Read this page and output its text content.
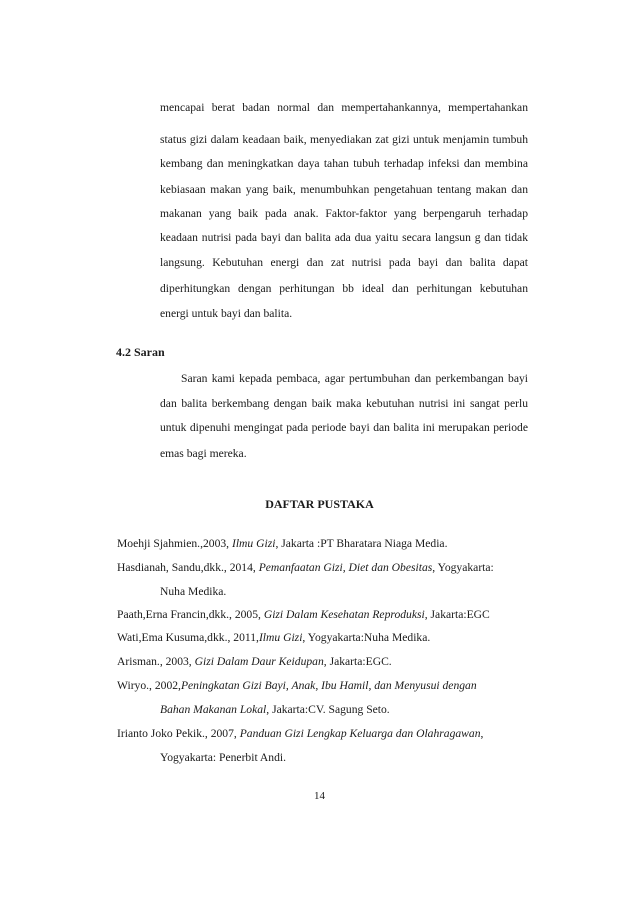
mencapai berat badan normal dan mempertahankannya, mempertahankan
status gizi dalam keadaan baik, menyediakan zat gizi untuk menjamin tumbuh
kembang dan meningkatkan daya tahan tubuh terhadap infeksi dan membina
kebiasaan makan yang baik, menumbuhkan pengetahuan tentang makan dan
makanan yang baik pada anak. Faktor-faktor yang berpengaruh terhadap
keadaan nutrisi pada bayi dan balita ada dua yaitu secara langsun g dan tidak
langsung. Kebutuhan energi dan zat nutrisi pada bayi dan balita dapat
diperhitungkan dengan perhitungan bb ideal dan perhitungan kebutuhan
energi untuk bayi dan balita.
4.2 Saran
Saran kami kepada pembaca, agar pertumbuhan dan perkembangan bayi
dan balita berkembang dengan baik maka kebutuhan nutrisi ini sangat perlu
untuk dipenuhi mengingat pada periode bayi dan balita ini merupakan periode
emas bagi mereka.
DAFTAR PUSTAKA
Moehji Sjahmien.,2003, Ilmu Gizi, Jakarta :PT Bharatara Niaga Media.
Hasdianah, Sandu,dkk., 2014, Pemanfaatan Gizi, Diet dan Obesitas, Yogyakarta:
Nuha Medika.
Paath,Erna Francin,dkk., 2005, Gizi Dalam Kesehatan Reproduksi, Jakarta:EGC
Wati,Ema Kusuma,dkk., 2011,Ilmu Gizi, Yogyakarta:Nuha Medika.
Arisman., 2003, Gizi Dalam Daur Keidupan, Jakarta:EGC.
Wiryo., 2002,Peningkatan Gizi Bayi, Anak, Ibu Hamil, dan Menyusui dengan
Bahan Makanan Lokal, Jakarta:CV. Sagung Seto.
Irianto Joko Pekik., 2007, Panduan Gizi Lengkap Keluarga dan Olahragawan,
Yogyakarta: Penerbit Andi.
14
